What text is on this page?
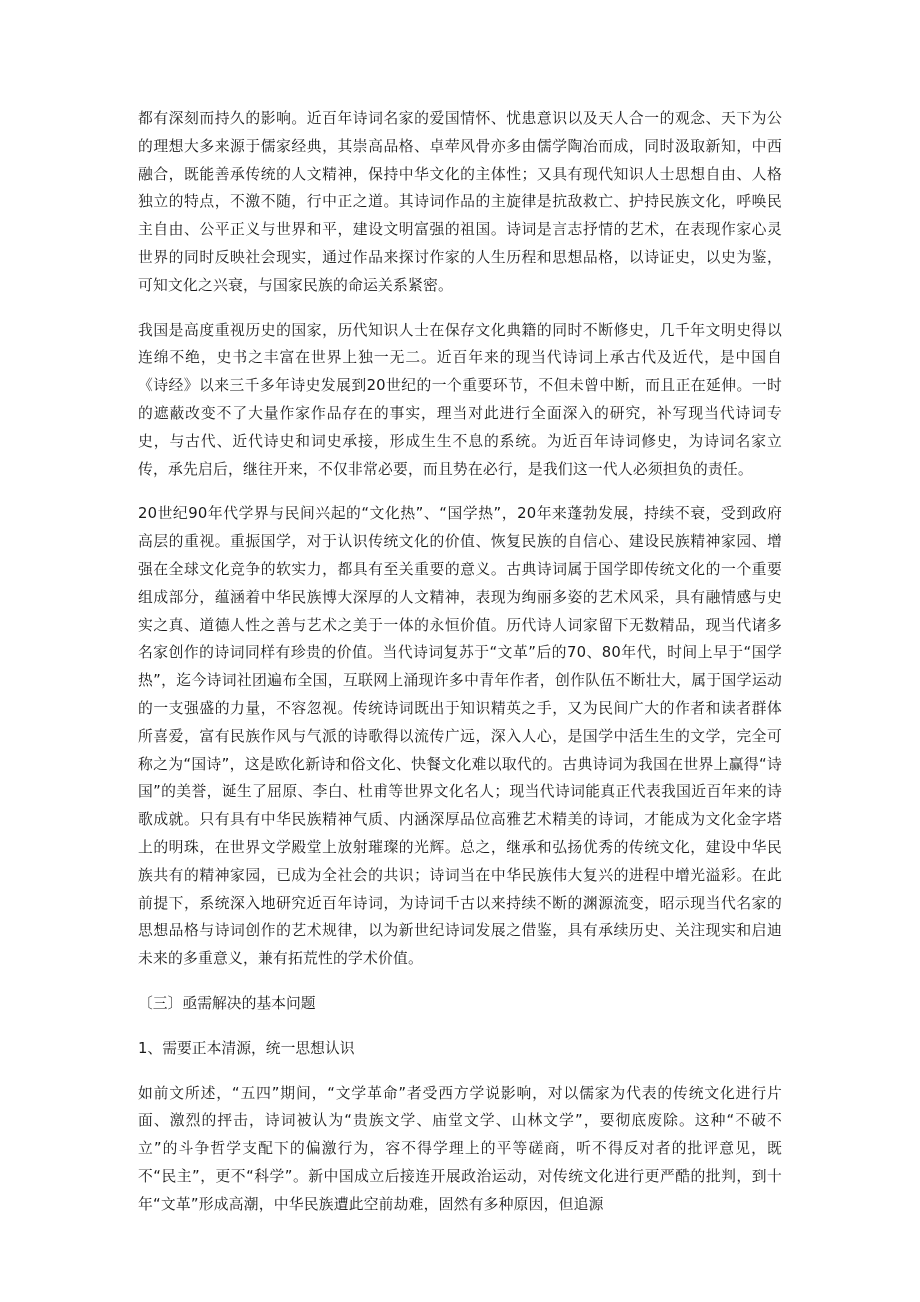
都有深刻而持久的影响。近百年诗词名家的爱国情怀、忧患意识以及天人合一的观念、天下为公的理想大多来源于儒家经典，其崇高品格、卓荦风骨亦多由儒学陶冶而成，同时汲取新知，中西融合，既能善承传统的人文精神，保持中华文化的主体性；又具有现代知识人士思想自由、人格独立的特点，不激不随，行中正之道。其诗词作品的主旋律是抗敌救亡、护持民族文化，呼唤民主自由、公平正义与世界和平，建设文明富强的祖国。诗词是言志抒情的艺术，在表现作家心灵世界的同时反映社会现实，通过作品来探讨作家的人生历程和思想品格，以诗证史，以史为鉴，可知文化之兴衰，与国家民族的命运关系紧密。

我国是高度重视历史的国家，历代知识人士在保存文化典籍的同时不断修史，几千年文明史得以连绵不绝，史书之丰富在世界上独一无二。近百年来的现当代诗词上承古代及近代，是中国自《诗经》以来三千多年诗史发展到20世纪的一个重要环节，不但未曾中断，而且正在延伸。一时的遮蔽改变不了大量作家作品存在的事实，理当对此进行全面深入的研究，补写现当代诗词专史，与古代、近代诗史和词史承接，形成生生不息的系统。为近百年诗词修史，为诗词名家立传，承先启后，继往开来，不仅非常必要，而且势在必行，是我们这一代人必须担负的责任。

20世纪90年代学界与民间兴起的“文化热”、“国学热”，20年来蓬勃发展，持续不衰，受到政府高层的重视。重振国学，对于认识传统文化的价值、恢复民族的自信心、建设民族精神家园、增强在全球文化竞争的软实力，都具有至关重要的意义。古典诗词属于国学即传统文化的一个重要组成部分，蕴涵着中华民族博大深厚的人文精神，表现为绚丽多姿的艺术风采，具有融情感与史实之真、道德人性之善与艺术之美于一体的永恒价值。历代诗人词家留下无数精品，现当代诸多名家创作的诗词同样有珍贵的价值。当代诗词复苏于“文革”后的70、80年代，时间上早于“国学热”，迄今诗词社团遍布全国，互联网上涌现许多中青年作者，创作队伍不断壮大，属于国学运动的一支强盛的力量，不容忽视。传统诗词既出于知识精英之手，又为民间广大的作者和读者群体所喜爱，富有民族作风与气派的诗歌得以流传广远，深入人心，是国学中活生生的文学，完全可称之为“国诗”，这是欧化新诗和俗文化、快餐文化难以取代的。古典诗词为我国在世界上赢得“诗国”的美誉，诞生了屈原、李白、杜甫等世界文化名人；现当代诗词能真正代表我国近百年来的诗歌成就。只有具有中华民族精神气质、内涵深厚品位高雅艺术精美的诗词，才能成为文化金字塔上的明珠，在世界文学殿堂上放射璀璨的光辉。总之，继承和弘扬优秀的传统文化，建设中华民族共有的精神家园，已成为全社会的共识；诗词当在中华民族伟大复兴的进程中增光溢彩。在此前提下，系统深入地研究近百年诗词，为诗词千古以来持续不断的渊源流变，昭示现当代名家的思想品格与诗词创作的艺术规律，以为新世纪诗词发展之借鉴，具有承续历史、关注现实和启迪未来的多重意义，兼有拓荒性的学术价值。

〔三〕亟需解决的基本问题

1、需要正本清源，统一思想认识

如前文所述，“五四”期间，“文学革命”者受西方学说影响，对以儒家为代表的传统文化进行片面、激烈的抨击，诗词被认为“贵族文学、庙堂文学、山林文学”，要彻底废除。这种“不破不立”的斗争哲学支配下的偏激行为，容不得学理上的平等磋商，听不得反对者的批评意见，既不“民主”，更不“科学”。新中国成立后接连开展政治运动，对传统文化进行更严酷的批判，到十年“文革”形成高潮，中华民族遭此空前劫难，固然有多种原因，但追源
